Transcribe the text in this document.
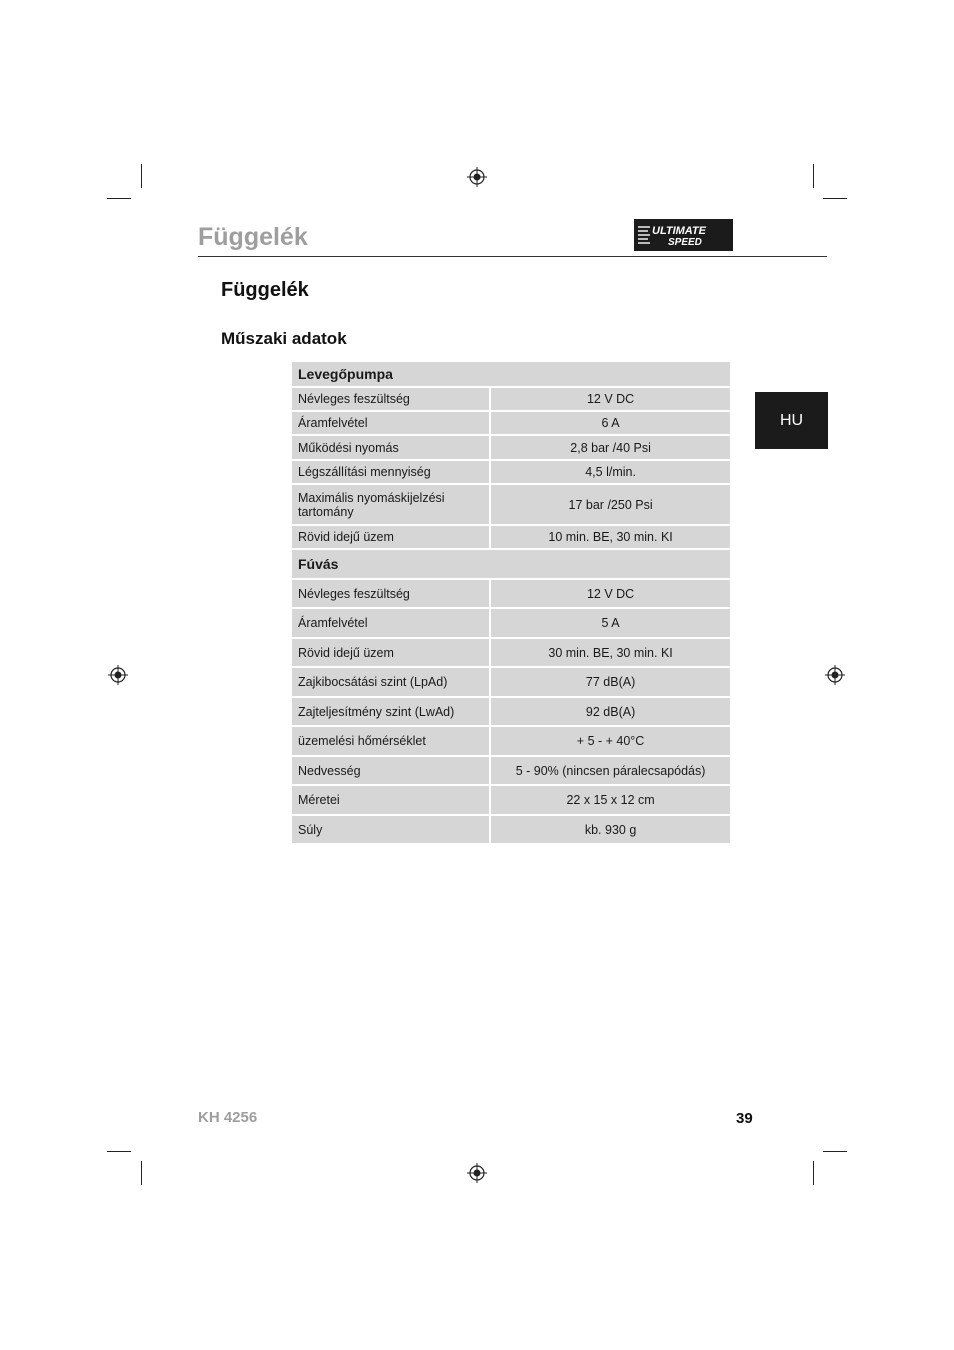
Függelék	ULTIMATE
SPEED
Függelék
Műszaki adatok
HU
Levegőpumpa	
Névleges feszültség	12 V DC
Áramfelvétel	6 A
Működési nyomás	2,8 bar /40 Psi
Légszállítási mennyiség	4,5 l/min.
Maximális nyomáskijelzési tartomány	17 bar /250 Psi
Rövid idejű üzem	10 min. BE, 30 min. KI
Fúvás	
Névleges feszültség	12 V DC
Áramfelvétel	5 A
Rövid idejű üzem	30 min. BE, 30 min. KI
Zajkibocsátási szint (LpAd)	77 dB(A)
Zajteljesítmény szint (LwAd)	92 dB(A)
üzemelési hőmérséklet	+ 5 - + 40°C
Nedvesség	5 - 90% (nincsen páralecsapódás)
Méretei	22 x 15 x 12 cm
Súly	kb. 930 g
KH 4256	39
